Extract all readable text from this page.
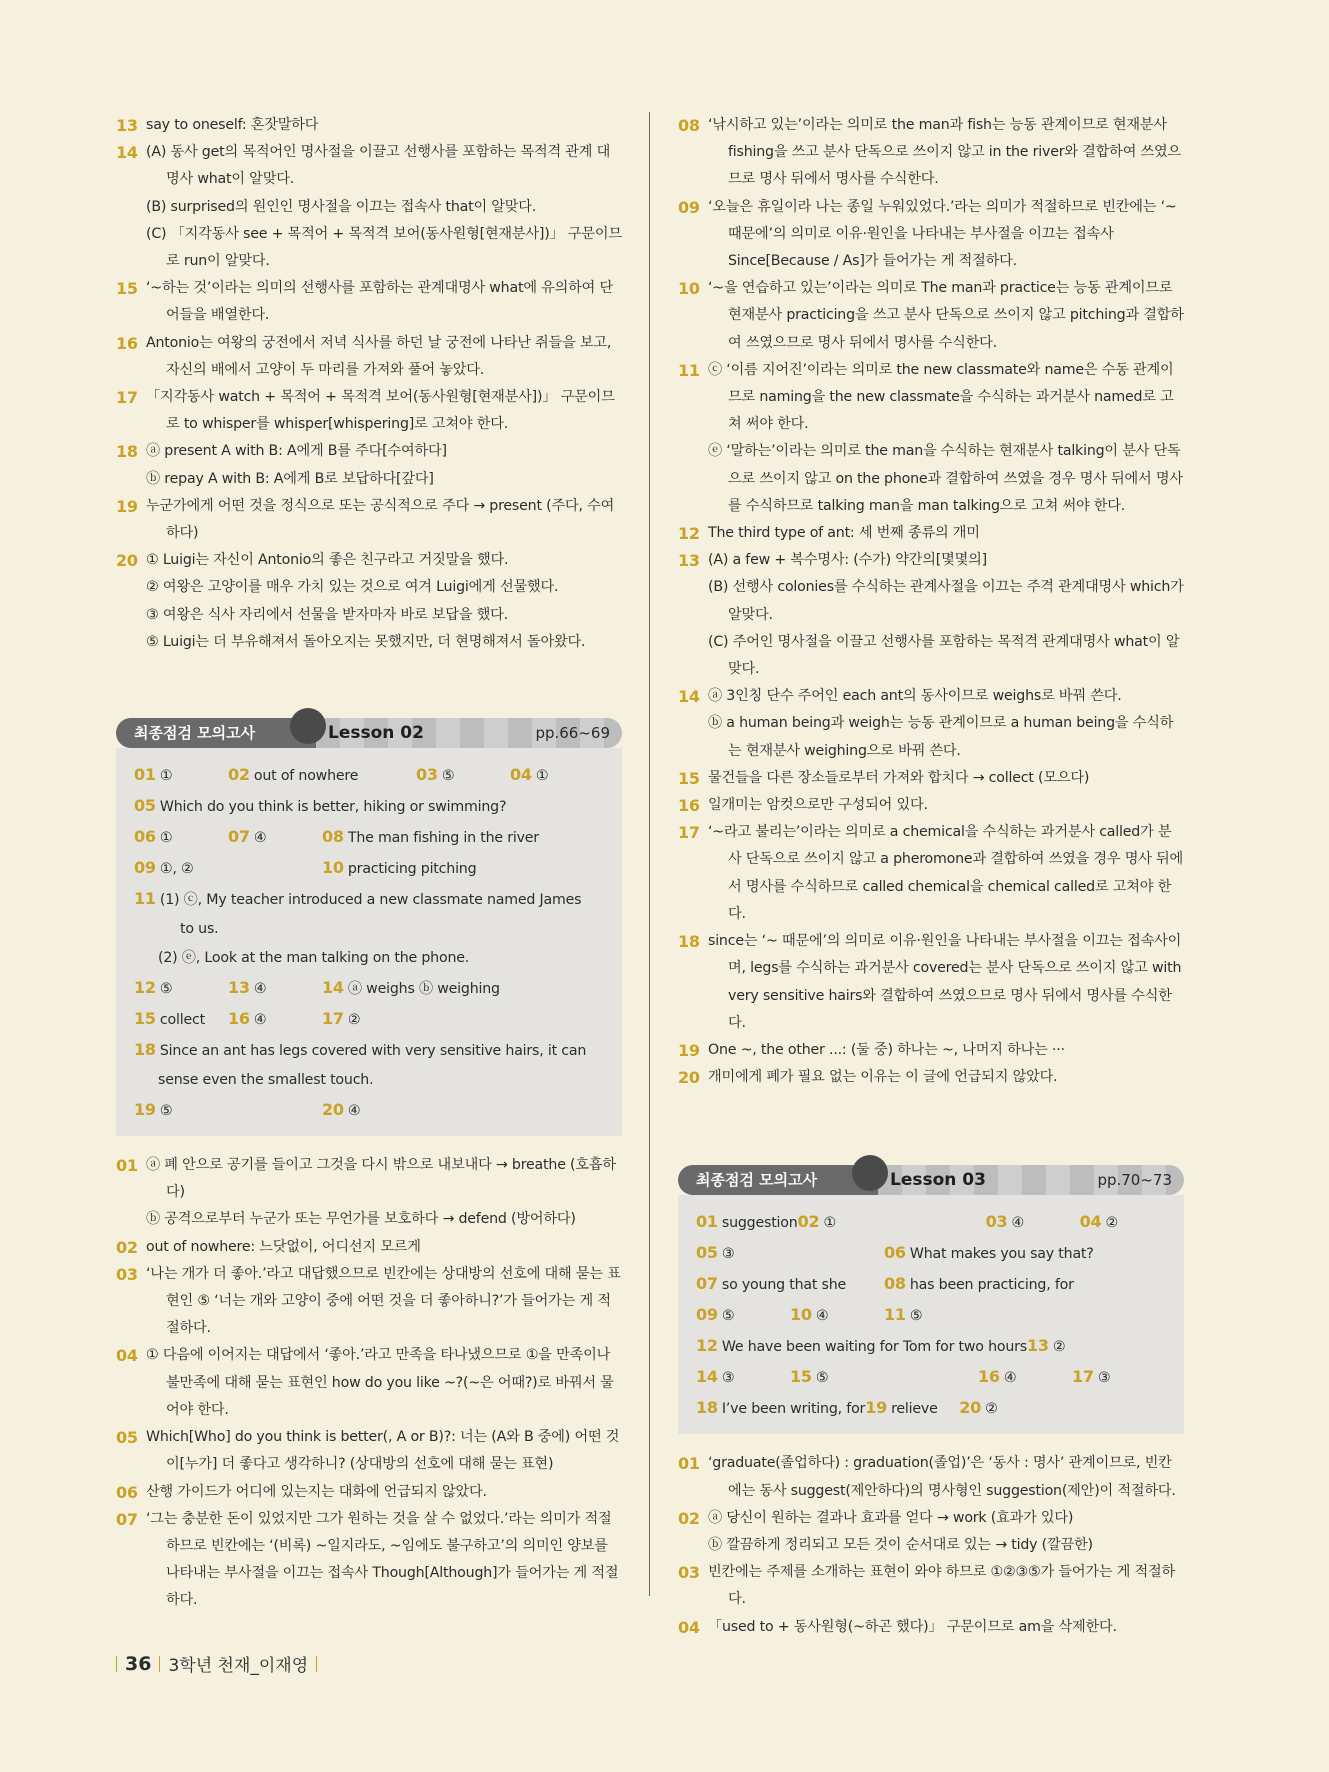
13 say to oneself: 혼잣말하다
14 (A) 동사 get의 목적어인 명사절을 이끌고 선행사를 포함하는 목적격 관계 대명사 what이 알맞다.
(B) surprised의 원인인 명사절을 이끄는 접속사 that이 알맞다.
(C) 「지각동사 see + 목적어 + 목적격 보어(동사원형[현재분사])」 구문이므로 run이 알맞다.
15 ‘~하는 것’이라는 의미의 선행사를 포함하는 관계대명사 what에 유의하여 단어들을 배열한다.
16 Antonio는 여왕의 궁전에서 저녁 식사를 하던 날 궁전에 나타난 쥐들을 보고, 자신의 배에서 고양이 두 마리를 가져와 풀어 놓았다.
17 「지각동사 watch + 목적어 + 목적격 보어(동사원형[현재분사])」 구문이므로 to whisper를 whisper[whispering]로 고쳐야 한다.
18 ⓐ present A with B: A에게 B를 주다[수여하다]
ⓑ repay A with B: A에게 B로 보답하다[갚다]
19 누군가에게 어떤 것을 정식으로 또는 공식적으로 주다 → present (주다, 수여하다)
20 ① Luigi는 자신이 Antonio의 좋은 친구라고 거짓말을 했다.
② 여왕은 고양이를 매우 가치 있는 것으로 여겨 Luigi에게 선물했다.
③ 여왕은 식사 자리에서 선물을 받자마자 바로 보답을 했다.
⑤ Luigi는 더 부유해져서 돌아오지는 못했지만, 더 현명해져서 돌아왔다.
Lesson 02	pp.66~69
최종점검 모의고사
01 ①	02 out of nowhere	03 ⑤	04 ①
05 Which do you think is better, hiking or swimming?
06 ①	07 ④	08 The man fishing in the river
09 ①, ②	10 practicing pitching
11 (1) ⓒ, My teacher introduced a new classmate named James
to us.
(2) ⓔ, Look at the man talking on the phone.
12 ⑤	13 ④	14 ⓐ weighs ⓑ weighing
15 collect	16 ④	17 ②
18 Since an ant has legs covered with very sensitive hairs, it can
sense even the smallest touch.
19 ⑤	20 ④
01 ⓐ 폐 안으로 공기를 들이고 그것을 다시 밖으로 내보내다 → breathe (호흡하다)
ⓑ 공격으로부터 누군가 또는 무언가를 보호하다 → defend (방어하다)
02 out of nowhere: 느닷없이, 어디선지 모르게
03 ‘나는 개가 더 좋아.’라고 대답했으므로 빈칸에는 상대방의 선호에 대해 묻는 표현인 ⑤ ‘너는 개와 고양이 중에 어떤 것을 더 좋아하니?’가 들어가는 게 적절하다.
04 ① 다음에 이어지는 대답에서 ‘좋아.’라고 만족을 타나냈으므로 ①을 만족이나 불만족에 대해 묻는 표현인 how do you like ~?(~은 어때?)로 바꿔서 물어야 한다.
05 Which[Who] do you think is better(, A or B)?: 너는 (A와 B 중에) 어떤 것이[누가] 더 좋다고 생각하니? (상대방의 선호에 대해 묻는 표현)
06 산행 가이드가 어디에 있는지는 대화에 언급되지 않았다.
07 ‘그는 충분한 돈이 있었지만 그가 원하는 것을 살 수 없었다.’라는 의미가 적절하므로 빈칸에는 ‘(비록) ~일지라도, ~임에도 불구하고’의 의미인 양보를 나타내는 부사절을 이끄는 접속사 Though[Although]가 들어가는 게 적절하다.
08 ‘낚시하고 있는’이라는 의미로 the man과 fish는 능동 관계이므로 현재분사 fishing을 쓰고 분사 단독으로 쓰이지 않고 in the river와 결합하여 쓰였으므로 명사 뒤에서 명사를 수식한다.
09 ‘오늘은 휴일이라 나는 종일 누워있었다.’라는 의미가 적절하므로 빈칸에는 ‘~ 때문에’의 의미로 이유·원인을 나타내는 부사절을 이끄는 접속사 Since[Because / As]가 들어가는 게 적절하다.
10 ‘~을 연습하고 있는’이라는 의미로 The man과 practice는 능동 관계이므로 현재분사 practicing을 쓰고 분사 단독으로 쓰이지 않고 pitching과 결합하여 쓰였으므로 명사 뒤에서 명사를 수식한다.
11 ⓒ ‘이름 지어진’이라는 의미로 the new classmate와 name은 수동 관계이므로 naming을 the new classmate을 수식하는 과거분사 named로 고쳐 써야 한다.
ⓔ ‘말하는’이라는 의미로 the man을 수식하는 현재분사 talking이 분사 단독으로 쓰이지 않고 on the phone과 결합하여 쓰였을 경우 명사 뒤에서 명사를 수식하므로 talking man을 man talking으로 고쳐 써야 한다.
12 The third type of ant: 세 번째 종류의 개미
13 (A) a few + 복수명사: (수가) 약간의[몇몇의]
(B) 선행사 colonies를 수식하는 관계사절을 이끄는 주격 관계대명사 which가 알맞다.
(C) 주어인 명사절을 이끌고 선행사를 포함하는 목적격 관계대명사 what이 알맞다.
14 ⓐ 3인칭 단수 주어인 each ant의 동사이므로 weighs로 바꿔 쓴다.
ⓑ a human being과 weigh는 능동 관계이므로 a human being을 수식하는 현재분사 weighing으로 바꿔 쓴다.
15 물건들을 다른 장소들로부터 가져와 합치다 → collect (모으다)
16 일개미는 암컷으로만 구성되어 있다.
17 ‘~라고 불리는’이라는 의미로 a chemical을 수식하는 과거분사 called가 분사 단독으로 쓰이지 않고 a pheromone과 결합하여 쓰였을 경우 명사 뒤에서 명사를 수식하므로 called chemical을 chemical called로 고쳐야 한다.
18 since는 ‘~ 때문에’의 의미로 이유·원인을 나타내는 부사절을 이끄는 접속사이며, legs를 수식하는 과거분사 covered는 분사 단독으로 쓰이지 않고 with very sensitive hairs와 결합하여 쓰였으므로 명사 뒤에서 명사를 수식한다.
19 One ~, the other ...: (둘 중) 하나는 ~, 나머지 하나는 ···
20 개미에게 폐가 필요 없는 이유는 이 글에 언급되지 않았다.
Lesson 03	pp.70~73
최종점검 모의고사
01 suggestion 02 ①	03 ④	04 ②
05 ③	06 What makes you say that?
07 so young that she	08 has been practicing, for
09 ⑤	10 ④	11 ⑤
12 We have been waiting for Tom for two hours 13 ②
14 ③	15 ⑤	16 ④	17 ③
18 I’ve been writing, for 19 relieve	20 ②
01 ‘graduate(졸업하다) : graduation(졸업)’은 ‘동사 : 명사’ 관계이므로, 빈칸에는 동사 suggest(제안하다)의 명사형인 suggestion(제안)이 적절하다.
02 ⓐ 당신이 원하는 결과나 효과를 얻다 → work (효과가 있다)
ⓑ 깔끔하게 정리되고 모든 것이 순서대로 있는 → tidy (깔끔한)
03 빈칸에는 주제를 소개하는 표현이 와야 하므로 ①②③⑤가 들어가는 게 적절하다.
04 「used to + 동사원형(~하곤 했다)」 구문이므로 am을 삭제한다.
36 3학년 천재_이재영
